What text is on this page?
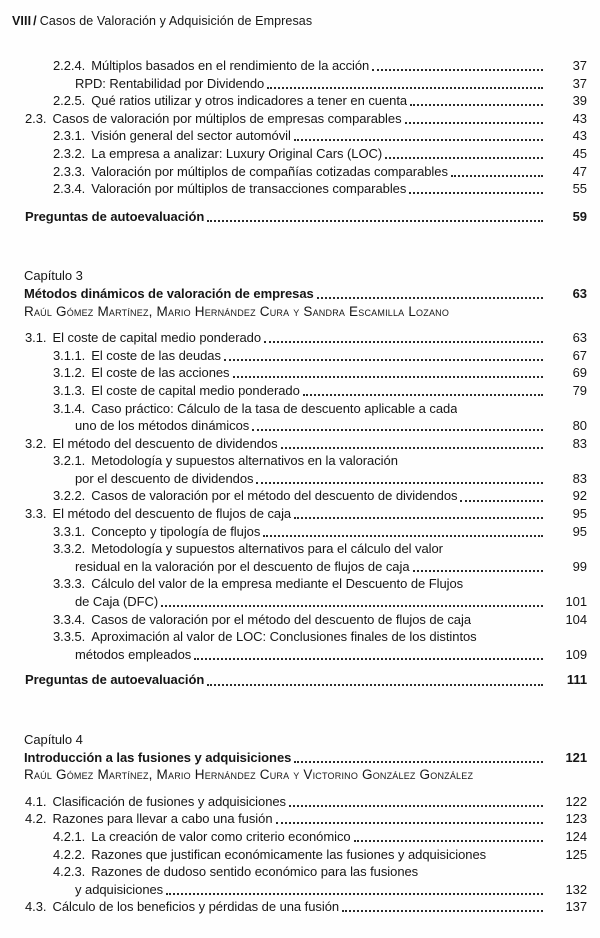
VIII / Casos de Valoración y Adquisición de Empresas
2.2.4. Múltiplos basados en el rendimiento de la acción	37
RPD: Rentabilidad por Dividendo	37
2.2.5. Qué ratios utilizar y otros indicadores a tener en cuenta	39
2.3. Casos de valoración por múltiplos de empresas comparables	43
2.3.1. Visión general del sector automóvil	43
2.3.2. La empresa a analizar: Luxury Original Cars (LOC)	45
2.3.3. Valoración por múltiplos de compañías cotizadas comparables	47
2.3.4. Valoración por múltiplos de transacciones comparables	55
Preguntas de autoevaluación	59
Capítulo 3
Métodos dinámicos de valoración de empresas	63
Raúl Gómez Martínez, Mario Hernández Cura y Sandra Escamilla Lozano
3.1. El coste de capital medio ponderado	63
3.1.1. El coste de las deudas	67
3.1.2. El coste de las acciones	69
3.1.3. El coste de capital medio ponderado	79
3.1.4. Caso práctico: Cálculo de la tasa de descuento aplicable a cada
uno de los métodos dinámicos	80
3.2. El método del descuento de dividendos	83
3.2.1. Metodología y supuestos alternativos en la valoración
por el descuento de dividendos	83
3.2.2. Casos de valoración por el método del descuento de dividendos	92
3.3. El método del descuento de flujos de caja	95
3.3.1. Concepto y tipología de flujos	95
3.3.2. Metodología y supuestos alternativos para el cálculo del valor
residual en la valoración por el descuento de flujos de caja	99
3.3.3. Cálculo del valor de la empresa mediante el Descuento de Flujos
de Caja (DFC)	101
3.3.4. Casos de valoración por el método del descuento de flujos de caja	104
3.3.5. Aproximación al valor de LOC: Conclusiones finales de los distintos
métodos empleados	109
Preguntas de autoevaluación	111
Capítulo 4
Introducción a las fusiones y adquisiciones	121
Raúl Gómez Martínez, Mario Hernández Cura y Victorino González González
4.1. Clasificación de fusiones y adquisiciones	122
4.2. Razones para llevar a cabo una fusión	123
4.2.1. La creación de valor como criterio económico	124
4.2.2. Razones que justifican económicamente las fusiones y adquisiciones	125
4.2.3. Razones de dudoso sentido económico para las fusiones
y adquisiciones	132
4.3. Cálculo de los beneficios y pérdidas de una fusión	137
